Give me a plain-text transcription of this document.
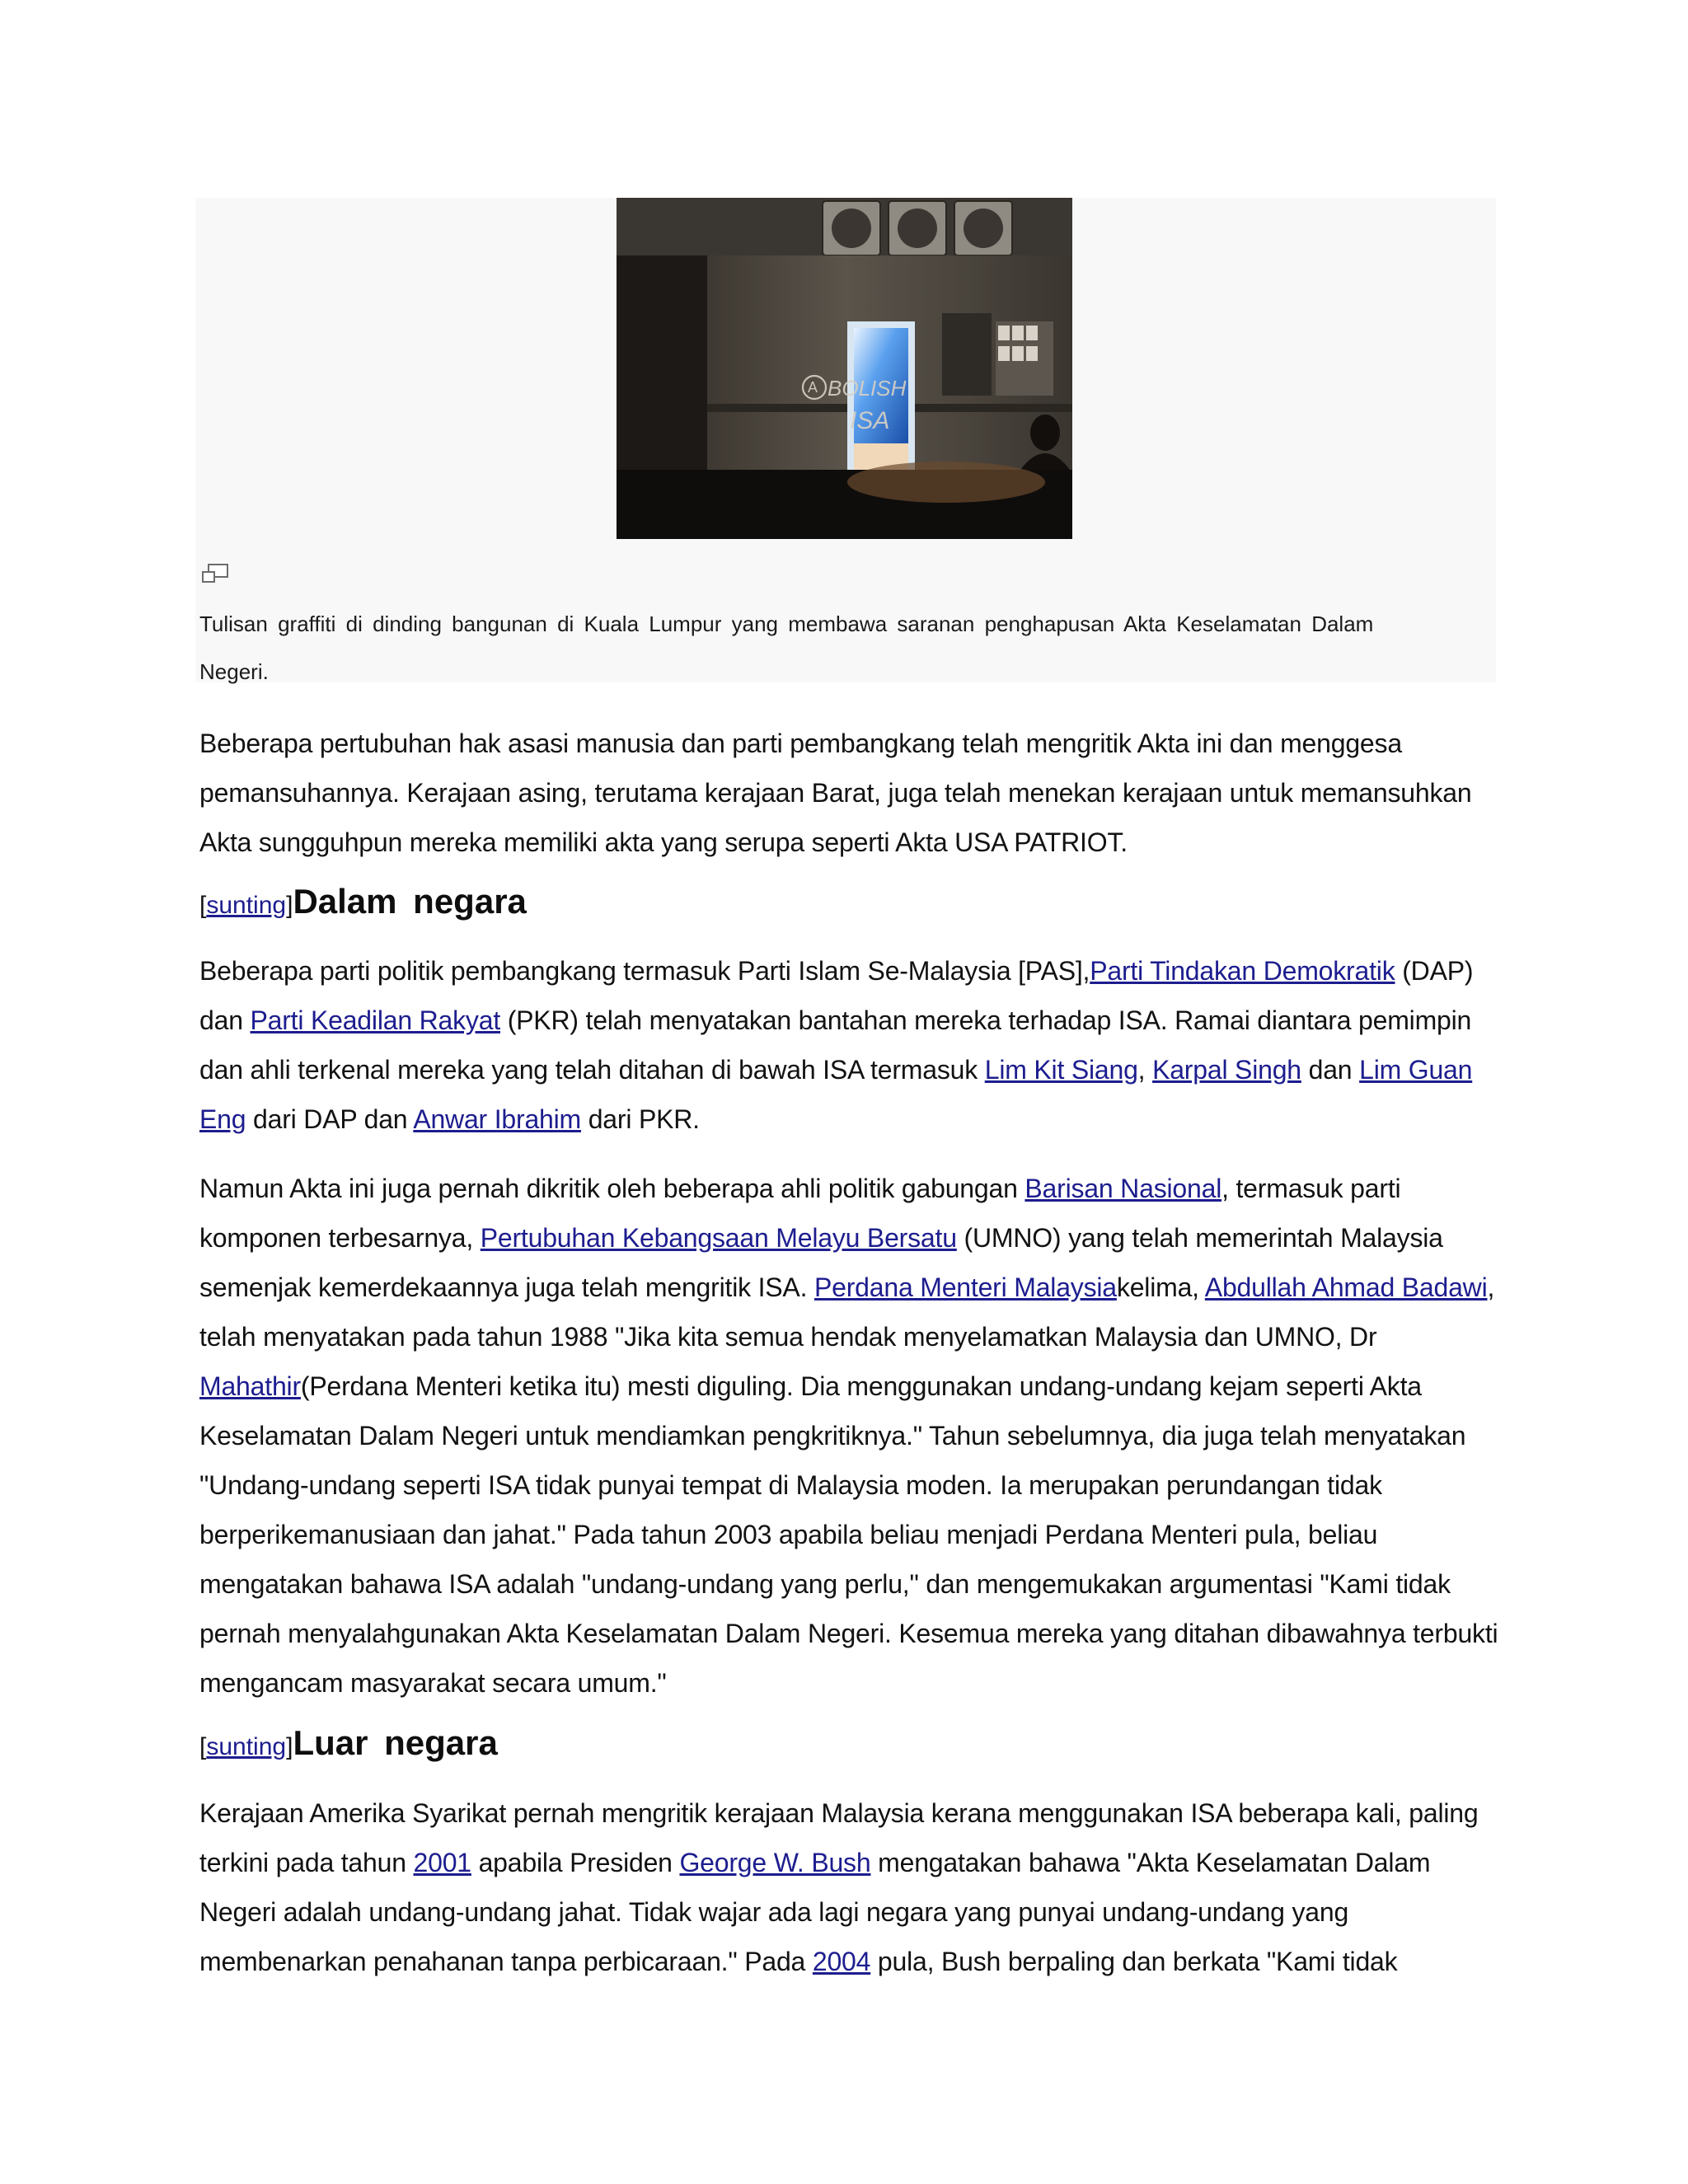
A BOLISH
ISA
Tulisan graffiti di dinding bangunan di Kuala Lumpur yang membawa saranan penghapusan Akta Keselamatan Dalam Negeri.

Beberapa pertubuhan hak asasi manusia dan parti pembangkang telah mengritik Akta ini dan menggesa pemansuhannya. Kerajaan asing, terutama kerajaan Barat, juga telah menekan kerajaan untuk memansuhkan Akta sungguhpun mereka memiliki akta yang serupa seperti Akta USA PATRIOT.

[sunting]Dalam negara

Beberapa parti politik pembangkang termasuk Parti Islam Se-Malaysia [PAS],Parti Tindakan Demokratik (DAP) dan Parti Keadilan Rakyat (PKR) telah menyatakan bantahan mereka terhadap ISA. Ramai diantara pemimpin dan ahli terkenal mereka yang telah ditahan di bawah ISA termasuk Lim Kit Siang, Karpal Singh dan Lim Guan Eng dari DAP dan Anwar Ibrahim dari PKR.

Namun Akta ini juga pernah dikritik oleh beberapa ahli politik gabungan Barisan Nasional, termasuk parti komponen terbesarnya, Pertubuhan Kebangsaan Melayu Bersatu (UMNO) yang telah memerintah Malaysia semenjak kemerdekaannya juga telah mengritik ISA. Perdana Menteri Malaysiakelima, Abdullah Ahmad Badawi, telah menyatakan pada tahun 1988 "Jika kita semua hendak menyelamatkan Malaysia dan UMNO, Dr Mahathir(Perdana Menteri ketika itu) mesti diguling. Dia menggunakan undang-undang kejam seperti Akta Keselamatan Dalam Negeri untuk mendiamkan pengkritiknya." Tahun sebelumnya, dia juga telah menyatakan "Undang-undang seperti ISA tidak punyai tempat di Malaysia moden. Ia merupakan perundangan tidak berperikemanusiaan dan jahat." Pada tahun 2003 apabila beliau menjadi Perdana Menteri pula, beliau mengatakan bahawa ISA adalah "undang-undang yang perlu," dan mengemukakan argumentasi "Kami tidak pernah menyalahgunakan Akta Keselamatan Dalam Negeri. Kesemua mereka yang ditahan dibawahnya terbukti mengancam masyarakat secara umum."

[sunting]Luar negara

Kerajaan Amerika Syarikat pernah mengritik kerajaan Malaysia kerana menggunakan ISA beberapa kali, paling terkini pada tahun 2001 apabila Presiden George W. Bush mengatakan bahawa "Akta Keselamatan Dalam Negeri adalah undang-undang jahat. Tidak wajar ada lagi negara yang punyai undang-undang yang membenarkan penahanan tanpa perbicaraan." Pada 2004 pula, Bush berpaling dan berkata "Kami tidak
